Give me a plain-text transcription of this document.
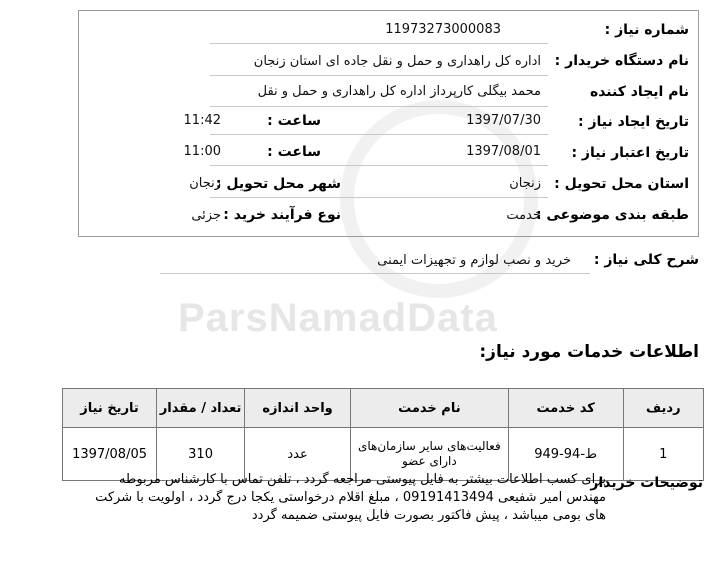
ParsNamadData
شماره نیاز :
11973273000083
نام دستگاه خریدار :
اداره کل راهداری و حمل و نقل جاده ای استان زنجان
نام ایجاد کننده
محمد بیگلی کارپرداز اداره کل راهداری و حمل و نقل
تاریخ ایجاد نیاز :
1397/07/30
ساعت :
11:42
تاریخ اعتبار نیاز :
1397/08/01
ساعت :
11:00
استان محل تحویل :
زنجان
شهر محل تحویل :
زنجان
طبقه بندی موضوعی :
خدمت
نوع فرآیند خرید :
جزئی
شرح کلی نیاز :
خرید و نصب لوازم و تجهیزات ایمنی
اطلاعات خدمات مورد نیاز:
ردیف	کد خدمت	نام خدمت	واحد اندازه	تعداد / مقدار	تاریخ نیاز
1	ط-94-949	فعالیت‌های سایر سازمان‌های دارای عضو	عدد	310	1397/08/05
توضیحات خریدار
برای کسب اطلاعات بیشتر به فایل پیوستی مراجعه گردد ، تلفن تماس با کارشناس مربوطه مهندس امیر شفیعی 09191413494 ، مبلغ اقلام درخواستی یکجا درج گردد ، اولویت با شرکت های بومی میباشد ، پیش فاکتور بصورت فایل پیوستی ضمیمه گردد
